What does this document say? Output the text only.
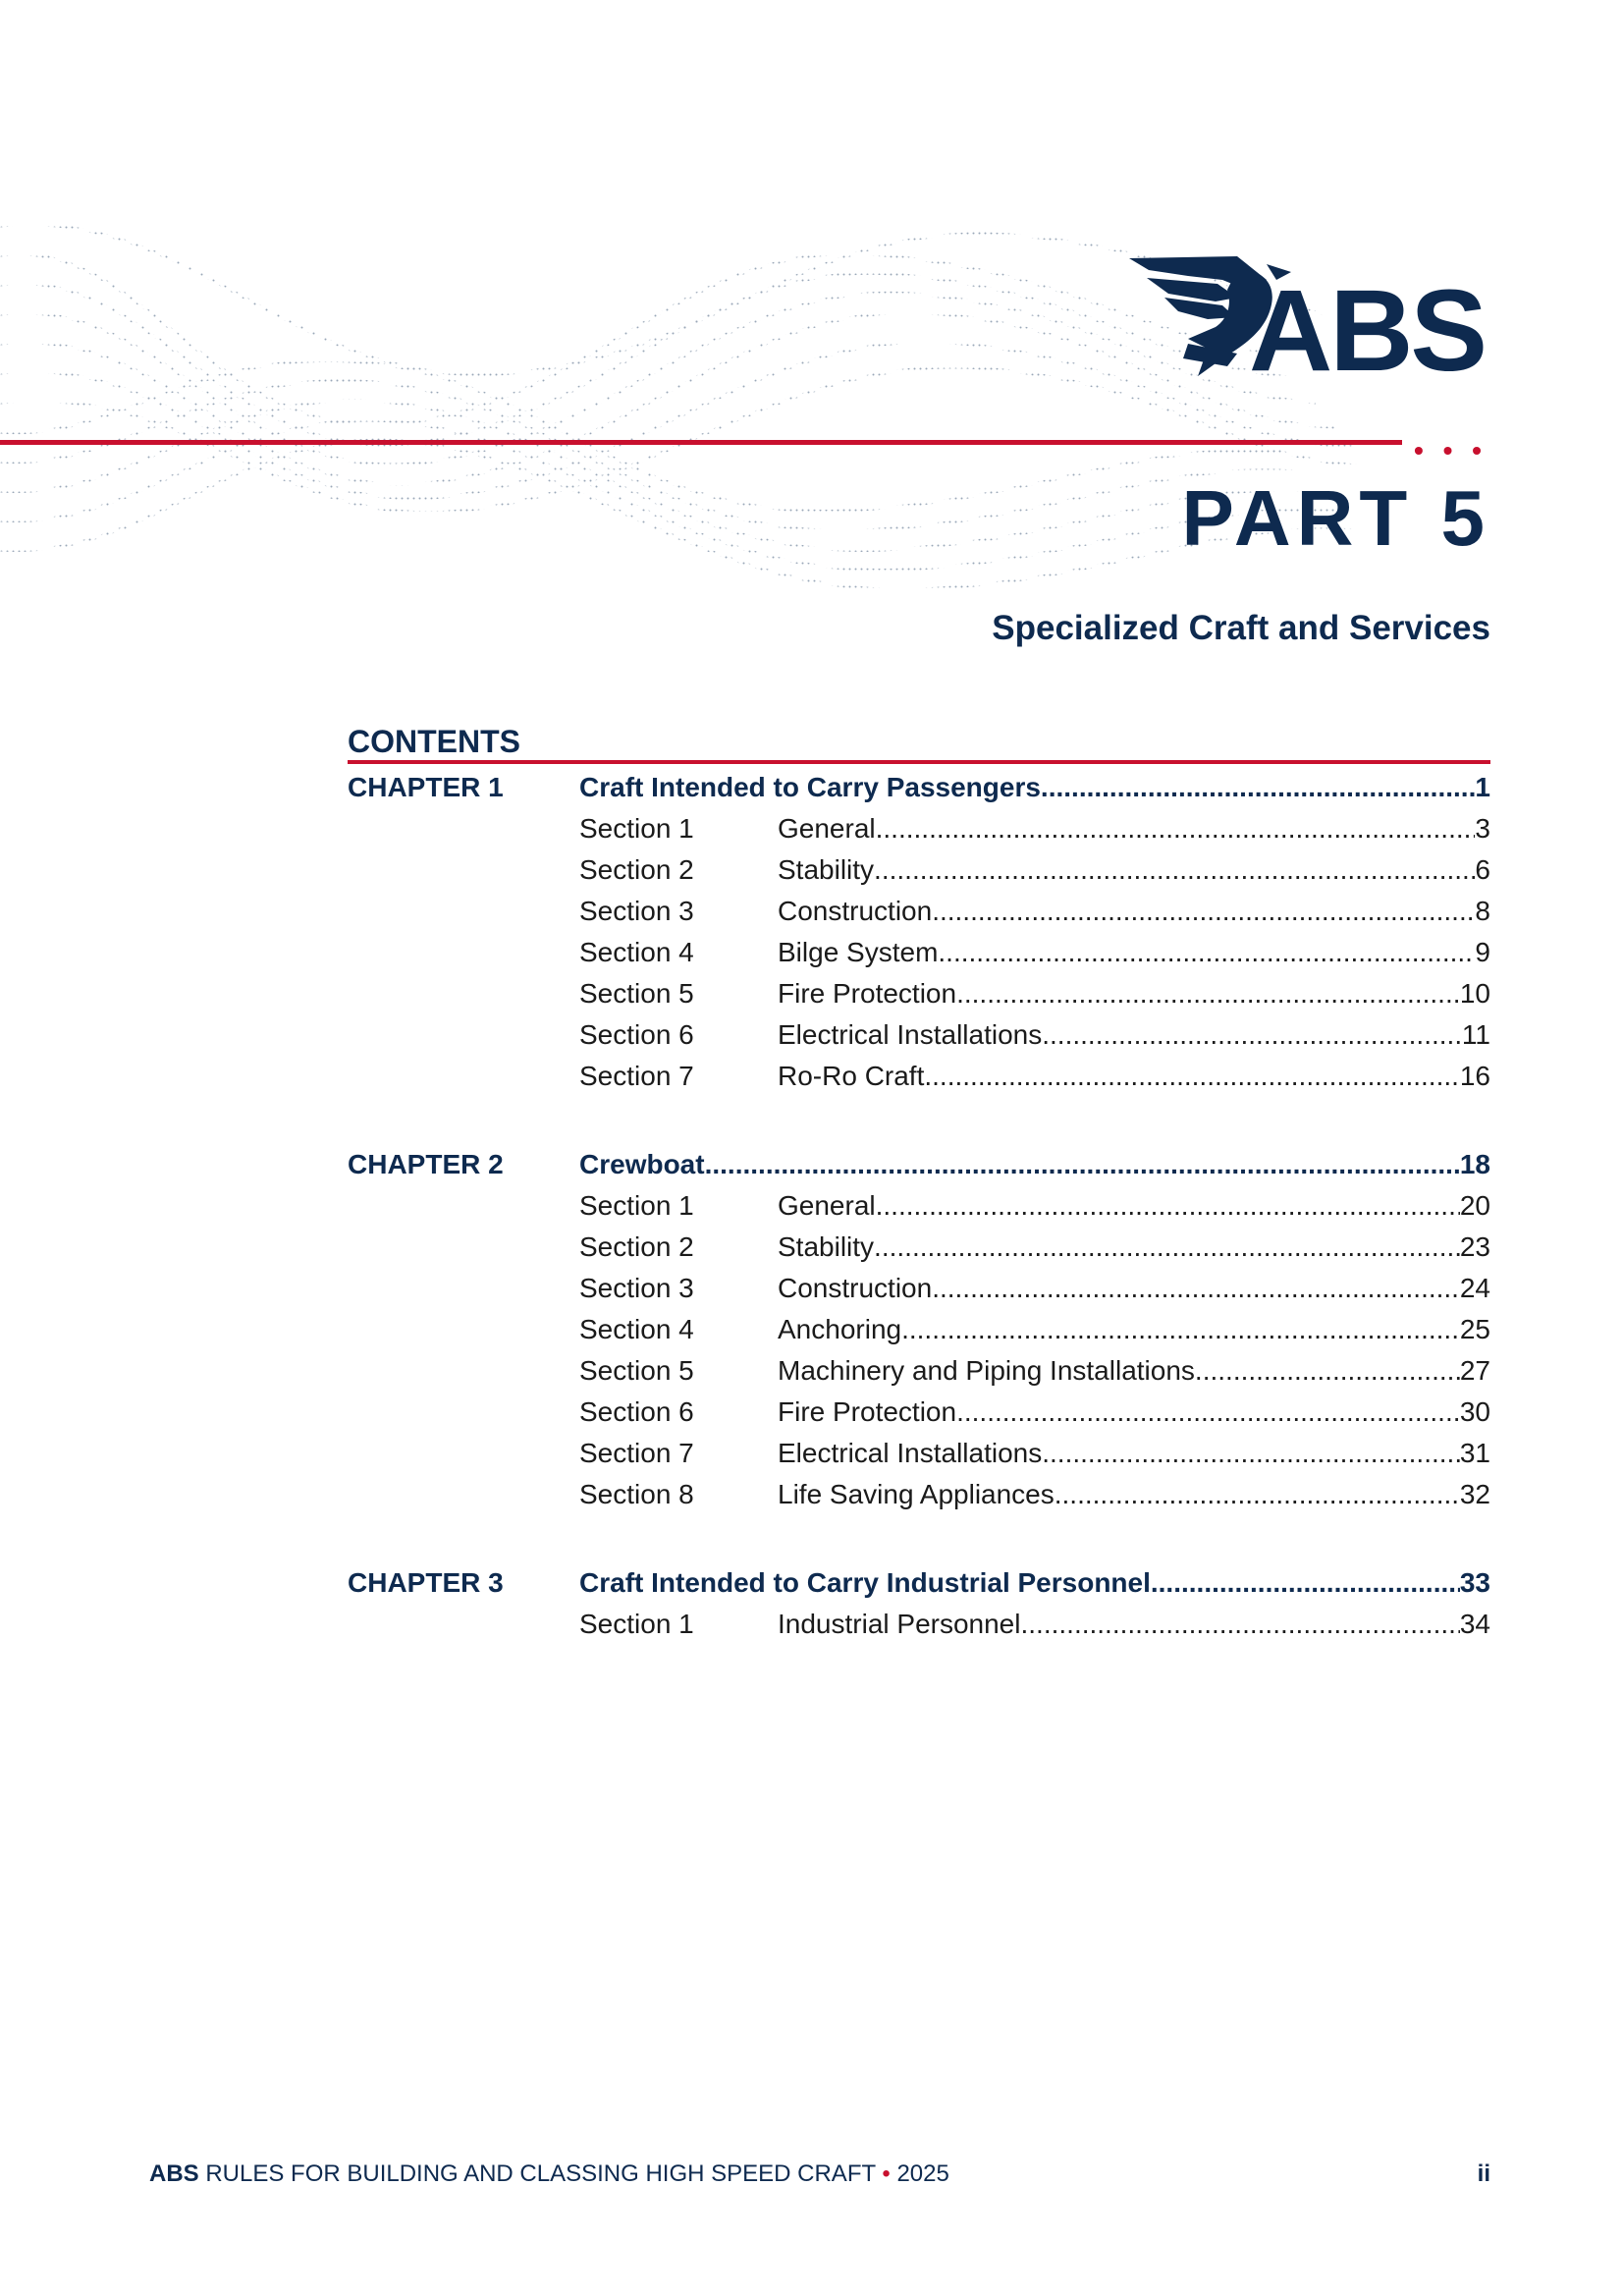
ABS
• • •
PART 5
Specialized Craft and Services
CONTENTS
CHAPTER 1	Craft Intended to Carry Passengers .....	1
Section 1	General .....	3
Section 2	Stability .....	6
Section 3	Construction .....	8
Section 4	Bilge System .....	9
Section 5	Fire Protection .....	10
Section 6	Electrical Installations .....	11
Section 7	Ro-Ro Craft .....	16
CHAPTER 2	Crewboat .....	18
Section 1	General .....	20
Section 2	Stability .....	23
Section 3	Construction .....	24
Section 4	Anchoring .....	25
Section 5	Machinery and Piping Installations .....	27
Section 6	Fire Protection .....	30
Section 7	Electrical Installations .....	31
Section 8	Life Saving Appliances .....	32
CHAPTER 3	Craft Intended to Carry Industrial Personnel .....	33
Section 1	Industrial Personnel .....	34
ABS RULES FOR BUILDING AND CLASSING HIGH SPEED CRAFT • 2025	ii
